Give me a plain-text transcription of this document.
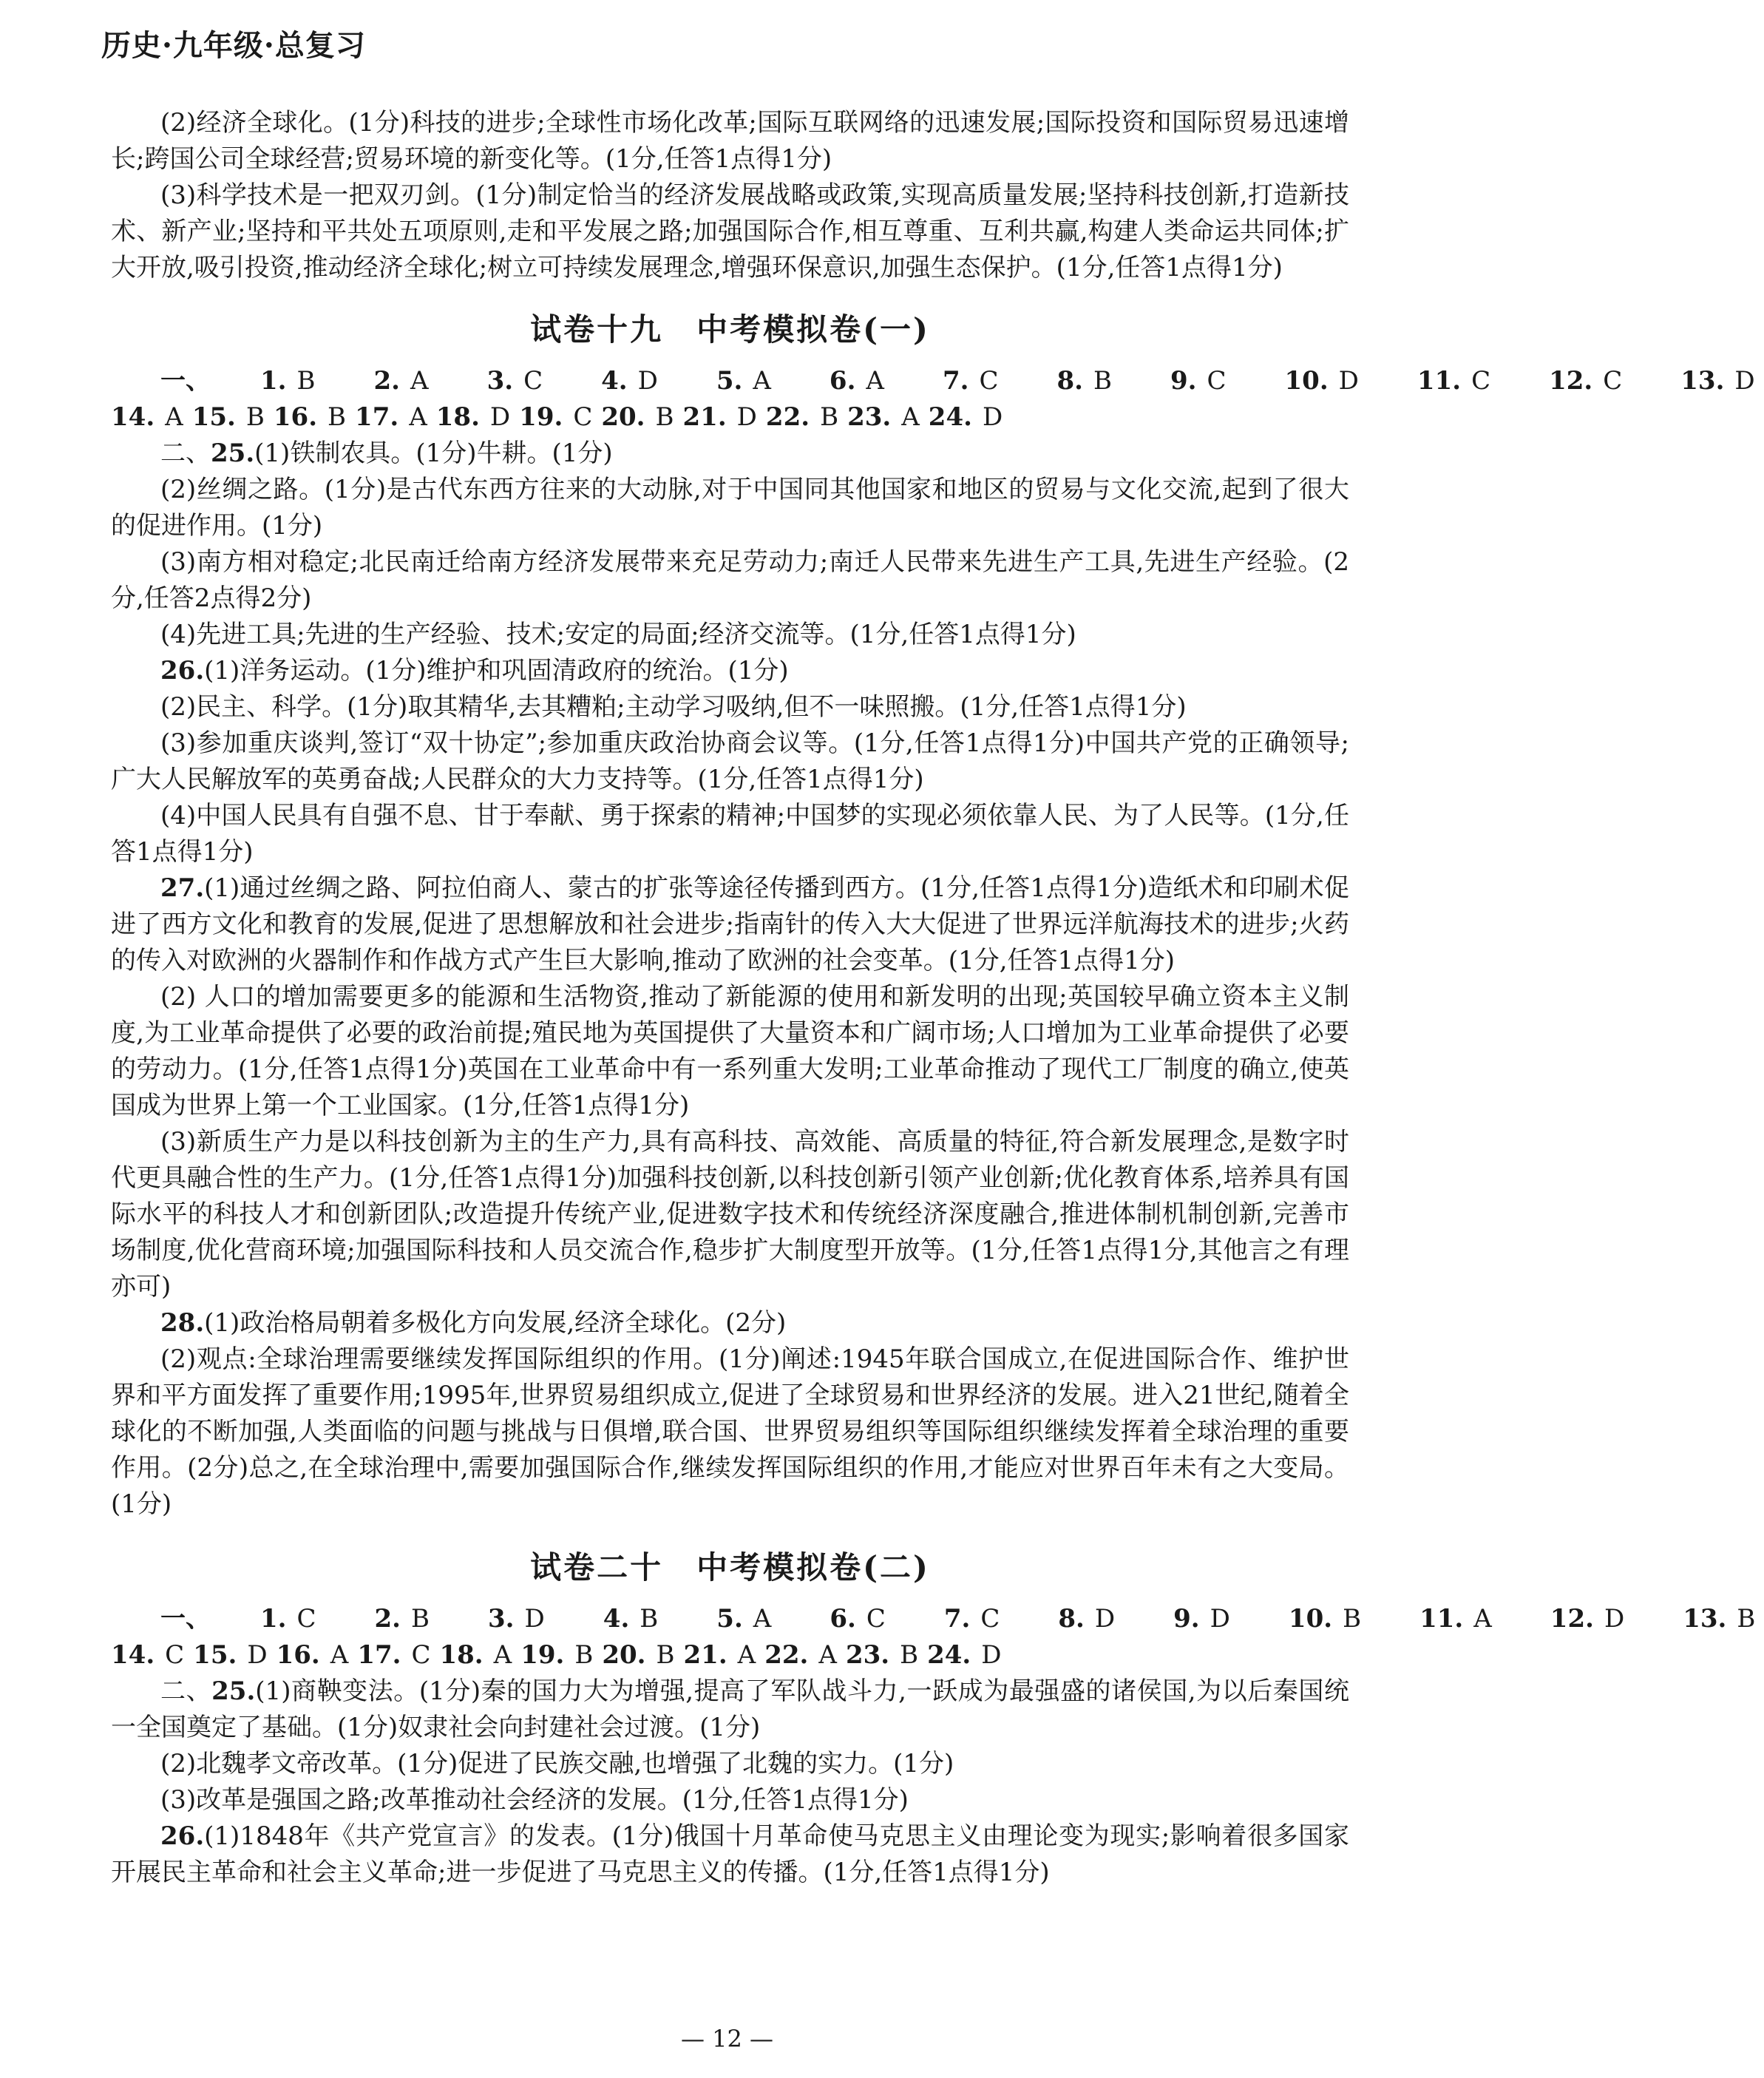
历史·九年级·总复习

(2)经济全球化。(1分)科技的进步;全球性市场化改革;国际互联网络的迅速发展;国际投资和国际贸易迅速增长;跨国公司全球经营;贸易环境的新变化等。(1分,任答1点得1分)

(3)科学技术是一把双刃剑。(1分)制定恰当的经济发展战略或政策,实现高质量发展;坚持科技创新,打造新技术、新产业;坚持和平共处五项原则,走和平发展之路;加强国际合作,相互尊重、互利共赢,构建人类命运共同体;扩大开放,吸引投资,推动经济全球化;树立可持续发展理念,增强环保意识,加强生态保护。(1分,任答1点得1分)

试卷十九　中考模拟卷(一)

一、 1. B 2. A 3. C 4. D 5. A 6. A 7. C 8. B 9. C 10. D 11. C 12. C 13. D

14. A 15. B 16. B 17. A 18. D 19. C 20. B 21. D 22. B 23. A 24. D

二、25.(1)铁制农具。(1分)牛耕。(1分)

(2)丝绸之路。(1分)是古代东西方往来的大动脉,对于中国同其他国家和地区的贸易与文化交流,起到了很大的促进作用。(1分)

(3)南方相对稳定;北民南迁给南方经济发展带来充足劳动力;南迁人民带来先进生产工具,先进生产经验。(2分,任答2点得2分)

(4)先进工具;先进的生产经验、技术;安定的局面;经济交流等。(1分,任答1点得1分)

26.(1)洋务运动。(1分)维护和巩固清政府的统治。(1分)

(2)民主、科学。(1分)取其精华,去其糟粕;主动学习吸纳,但不一味照搬。(1分,任答1点得1分)

(3)参加重庆谈判,签订“双十协定”;参加重庆政治协商会议等。(1分,任答1点得1分)中国共产党的正确领导;广大人民解放军的英勇奋战;人民群众的大力支持等。(1分,任答1点得1分)

(4)中国人民具有自强不息、甘于奉献、勇于探索的精神;中国梦的实现必须依靠人民、为了人民等。(1分,任答1点得1分)

27.(1)通过丝绸之路、阿拉伯商人、蒙古的扩张等途径传播到西方。(1分,任答1点得1分)造纸术和印刷术促进了西方文化和教育的发展,促进了思想解放和社会进步;指南针的传入大大促进了世界远洋航海技术的进步;火药的传入对欧洲的火器制作和作战方式产生巨大影响,推动了欧洲的社会变革。(1分,任答1点得1分)

(2) 人口的增加需要更多的能源和生活物资,推动了新能源的使用和新发明的出现;英国较早确立资本主义制度,为工业革命提供了必要的政治前提;殖民地为英国提供了大量资本和广阔市场;人口增加为工业革命提供了必要的劳动力。(1分,任答1点得1分)英国在工业革命中有一系列重大发明;工业革命推动了现代工厂制度的确立,使英国成为世界上第一个工业国家。(1分,任答1点得1分)

(3)新质生产力是以科技创新为主的生产力,具有高科技、高效能、高质量的特征,符合新发展理念,是数字时代更具融合性的生产力。(1分,任答1点得1分)加强科技创新,以科技创新引领产业创新;优化教育体系,培养具有国际水平的科技人才和创新团队;改造提升传统产业,促进数字技术和传统经济深度融合,推进体制机制创新,完善市场制度,优化营商环境;加强国际科技和人员交流合作,稳步扩大制度型开放等。(1分,任答1点得1分,其他言之有理亦可)

28.(1)政治格局朝着多极化方向发展,经济全球化。(2分)

(2)观点:全球治理需要继续发挥国际组织的作用。(1分)阐述:1945年联合国成立,在促进国际合作、维护世界和平方面发挥了重要作用;1995年,世界贸易组织成立,促进了全球贸易和世界经济的发展。进入21世纪,随着全球化的不断加强,人类面临的问题与挑战与日俱增,联合国、世界贸易组织等国际组织继续发挥着全球治理的重要作用。(2分)总之,在全球治理中,需要加强国际合作,继续发挥国际组织的作用,才能应对世界百年未有之大变局。(1分)

试卷二十　中考模拟卷(二)

一、 1. C 2. B 3. D 4. B 5. A 6. C 7. C 8. D 9. D 10. B 11. A 12. D 13. B

14. C 15. D 16. A 17. C 18. A 19. B 20. B 21. A 22. A 23. B 24. D

二、25.(1)商鞅变法。(1分)秦的国力大为增强,提高了军队战斗力,一跃成为最强盛的诸侯国,为以后秦国统一全国奠定了基础。(1分)奴隶社会向封建社会过渡。(1分)

(2)北魏孝文帝改革。(1分)促进了民族交融,也增强了北魏的实力。(1分)

(3)改革是强国之路;改革推动社会经济的发展。(1分,任答1点得1分)

26.(1)1848年《共产党宣言》的发表。(1分)俄国十月革命使马克思主义由理论变为现实;影响着很多国家开展民主革命和社会主义革命;进一步促进了马克思主义的传播。(1分,任答1点得1分)

— 12 —
